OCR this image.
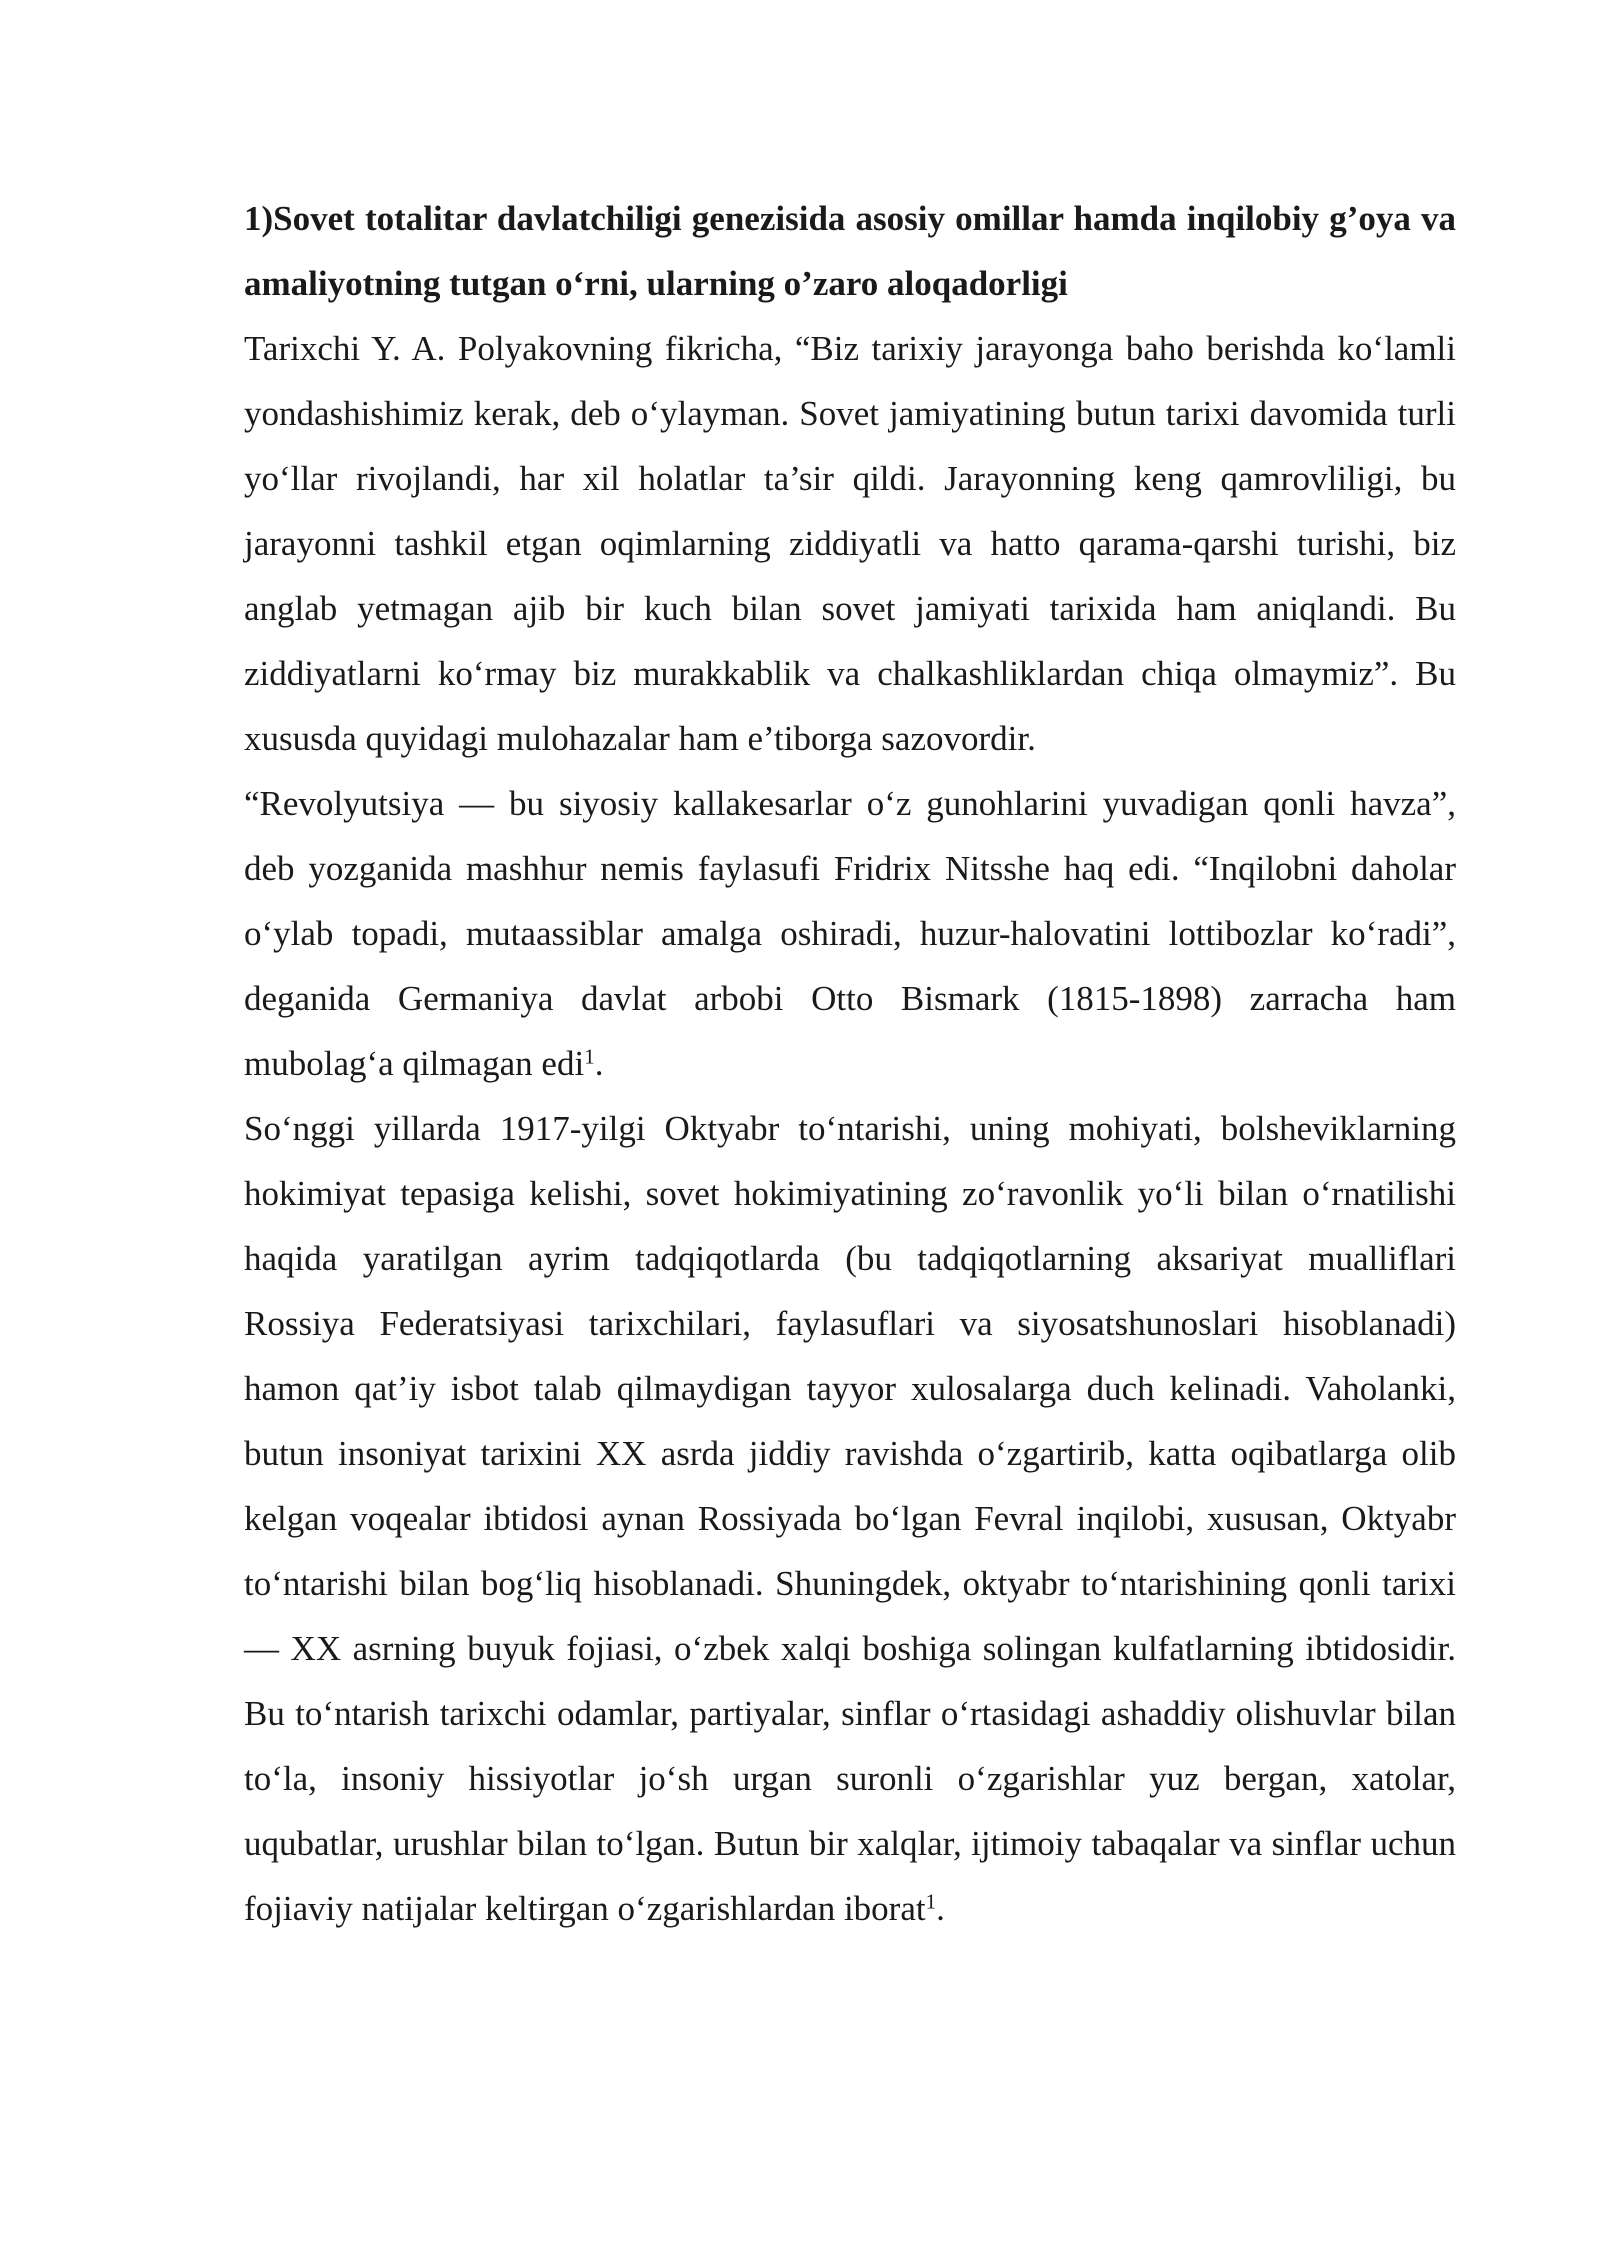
1)Sovet totalitar davlatchiligi genezisida asosiy omillar hamda inqilobiy g’oya va amaliyotning tutgan o‘rni, ularning o’zaro aloqadorligi

Tarixchi Y. A. Polyakovning fikricha, “Biz tarixiy jarayonga baho berishda ko‘lamli yondashishimiz kerak, deb o‘ylayman. Sovet jamiyatining butun tarixi davomida turli yo‘llar rivojlandi, har xil holatlar ta’sir qildi. Jarayonning keng qamrovliligi, bu jarayonni tashkil etgan oqimlarning ziddiyatli va hatto qarama-qarshi turishi, biz anglab yetmagan ajib bir kuch bilan sovet jamiyati tarixida ham aniqlandi. Bu ziddiyatlarni ko‘rmay biz murakkablik va chalkashliklardan chiqa olmaymiz”. Bu xususda quyidagi mulohazalar ham e’tiborga sazovordir.

“Revolyutsiya — bu siyosiy kallakesarlar o‘z gunohlarini yuvadigan qonli havza”, deb yozganida mashhur nemis faylasufi Fridrix Nitsshe haq edi. “Inqilobni daholar o‘ylab topadi, mutaassiblar amalga oshiradi, huzur-halovatini lottibozlar ko‘radi”, deganida Germaniya davlat arbobi Otto Bismark (1815-1898) zarracha ham mubolag‘a qilmagan edi$^1$.

So‘nggi yillarda 1917-yilgi Oktyabr to‘ntarishi, uning mohiyati, bolsheviklarning hokimiyat tepasiga kelishi, sovet hokimiyatining zo‘ravonlik yo‘li bilan o‘rnatilishi haqida yaratilgan ayrim tadqiqotlarda (bu tadqiqotlarning aksariyat mualliflari Rossiya Federatsiyasi tarixchilari, faylasuflari va siyosatshunoslari hisoblanadi) hamon qat’iy isbot talab qilmaydigan tayyor xulosalarga duch kelinadi. Vaholanki, butun insoniyat tarixini XX asrda jiddiy ravishda o‘zgartirib, katta oqibatlarga olib kelgan voqealar ibtidosi aynan Rossiyada bo‘lgan Fevral inqilobi, xususan, Oktyabr to‘ntarishi bilan bog‘liq hisoblanadi. Shuningdek, oktyabr to‘ntarishining qonli tarixi — XX asrning buyuk fojiasi, o‘zbek xalqi boshiga solingan kulfatlarning ibtidosidir. Bu to‘ntarish tarixchi odamlar, partiyalar, sinflar o‘rtasidagi ashaddiy olishuvlar bilan to‘la, insoniy hissiyotlar jo‘sh urgan suronli o‘zgarishlar yuz bergan, xatolar, uqubatlar, urushlar bilan to‘lgan. Butun bir xalqlar, ijtimoiy tabaqalar va sinflar uchun fojiaviy natijalar keltirgan o‘zgarishlardan iborat$^1$.
